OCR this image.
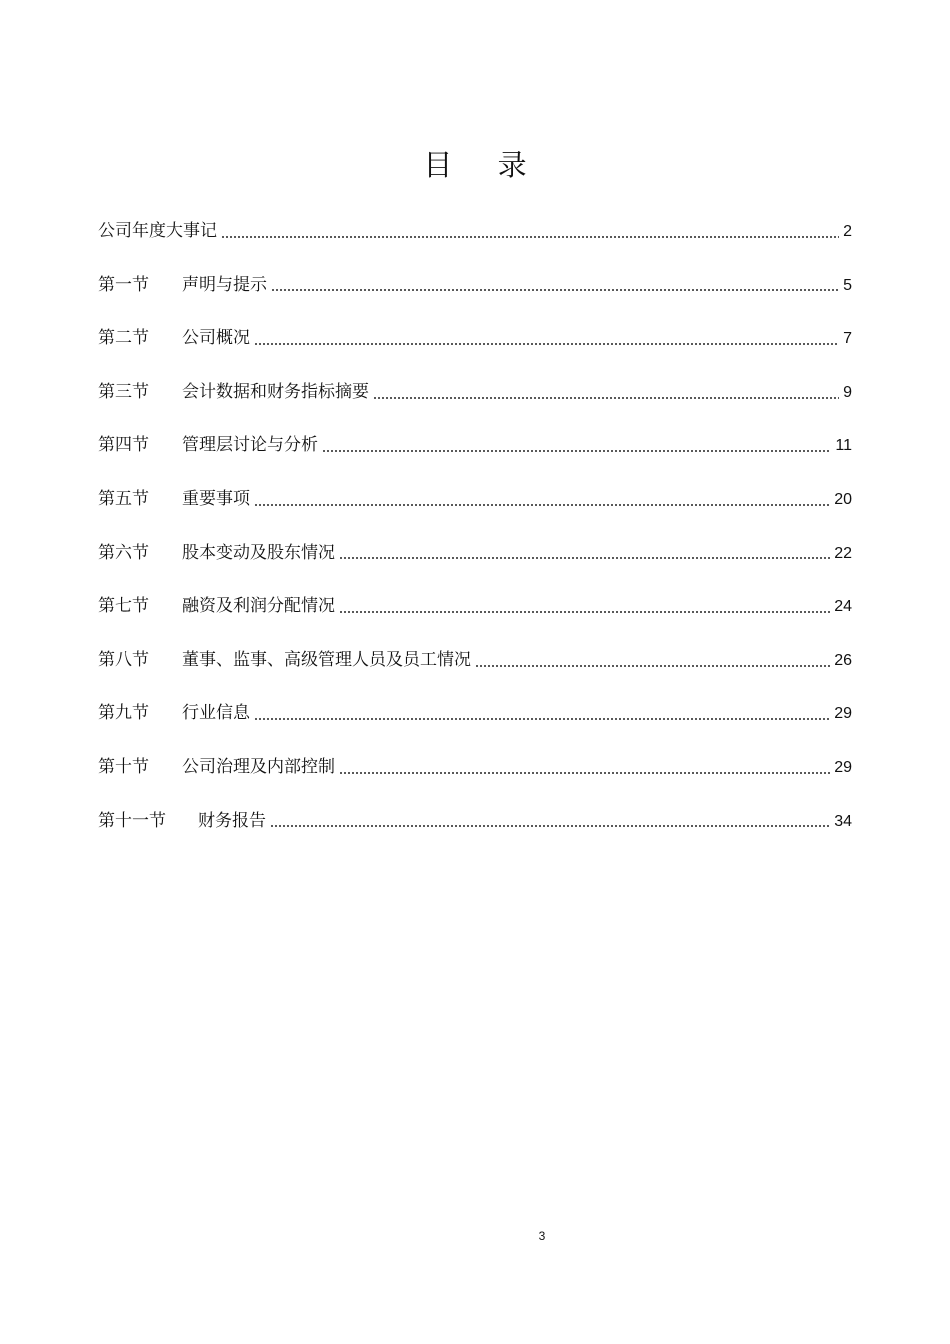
目 录
公司年度大事记	2
第一节	声明与提示	5
第二节	公司概况	7
第三节	会计数据和财务指标摘要	9
第四节	管理层讨论与分析	11
第五节	重要事项	20
第六节	股本变动及股东情况	22
第七节	融资及利润分配情况	24
第八节	董事、监事、高级管理人员及员工情况	26
第九节	行业信息	29
第十节	公司治理及内部控制	29
第十一节	财务报告	34
3
